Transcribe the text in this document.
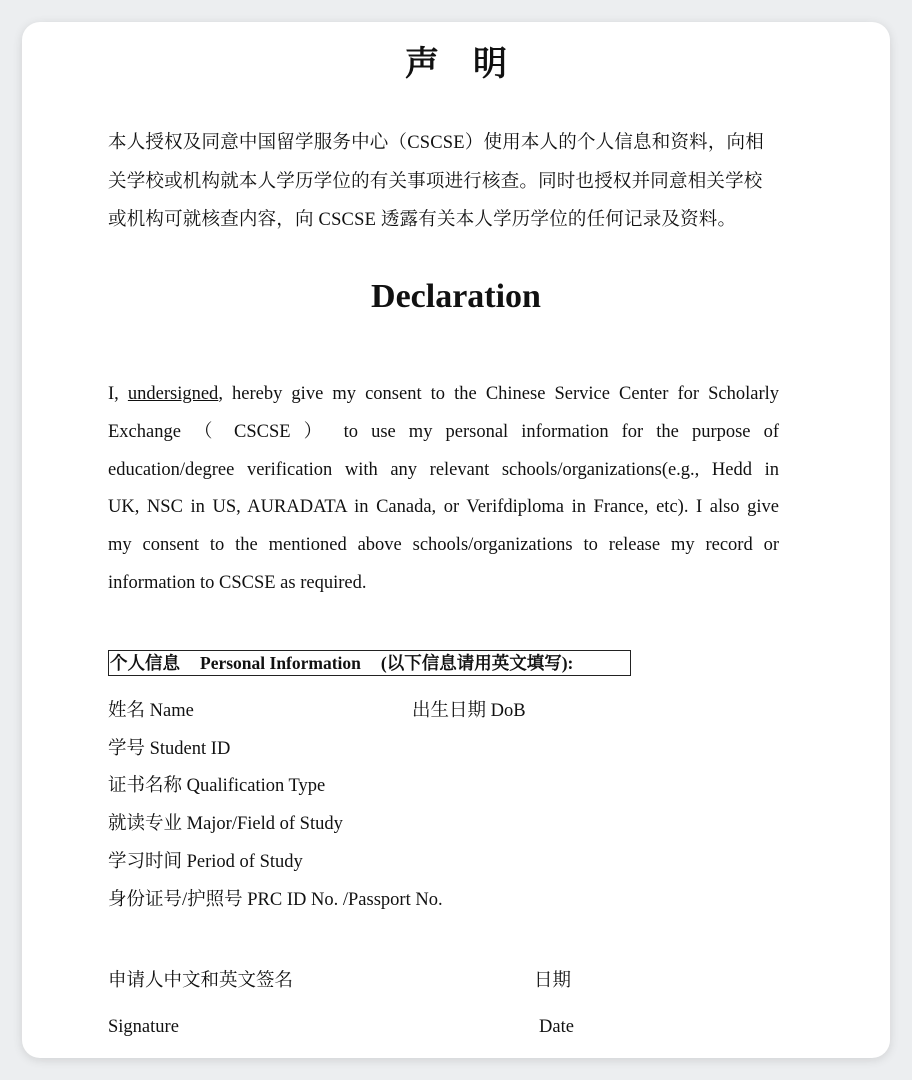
声明
本人授权及同意中国留学服务中心（CSCSE）使用本人的个人信息和资料，向相
关学校或机构就本人学历学位的有关事项进行核查。同时也授权并同意相关学校
或机构可就核查内容，向 CSCSE 透露有关本人学历学位的任何记录及资料。
Declaration
I, undersigned, hereby give my consent to the Chinese Service Center for Scholarly
Exchange （ CSCSE ） to use my personal information for the purpose of
education/degree verification with any relevant schools/organizations(e.g., Hedd in
UK, NSC in US, AURADATA in Canada, or Verifdiploma in France, etc). I also give
my consent to the mentioned above schools/organizations to release my record or
information to CSCSE as required.
个人信息 Personal Information (以下信息请用英文填写):
姓名 Name	出生日期 DoB
学号 Student ID
证书名称 Qualification Type
就读专业 Major/Field of Study
学习时间 Period of Study
身份证号/护照号 PRC ID No. /Passport No.
申请人中文和英文签名	日期
Signature	Date
